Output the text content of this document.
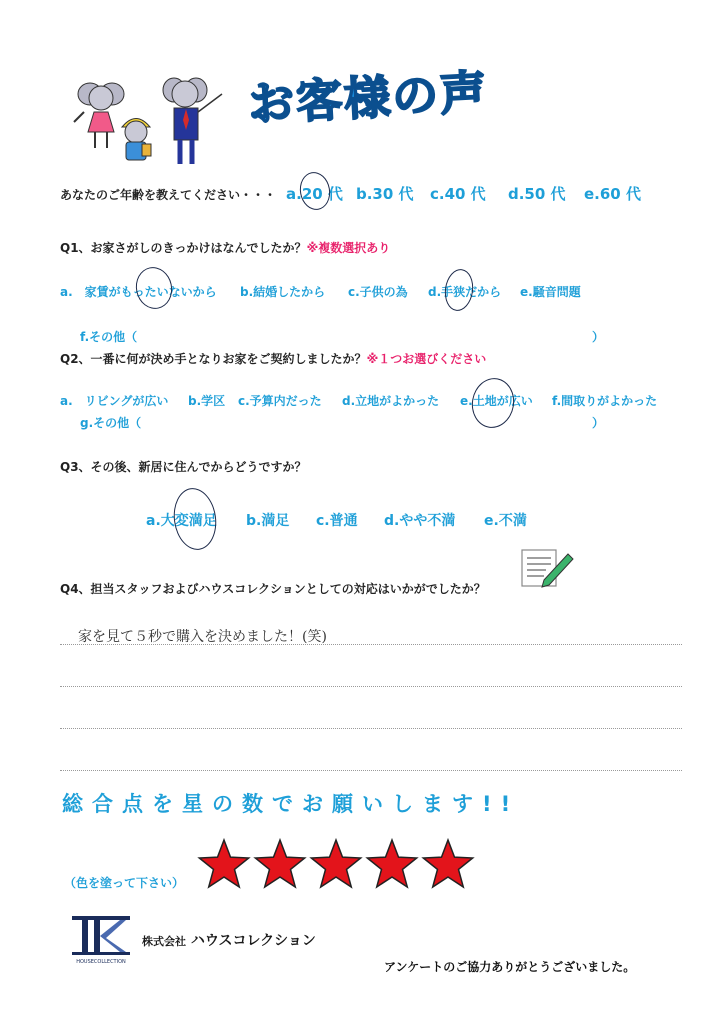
お客様の声
あなたのご年齢を教えてください・・・ a.20 代 b.30 代 c.40 代 d.50 代 e.60 代
Q1、お家さがしのきっかけはなんでしたか？※複数選択あり
a.　家賃がもったいないから b.結婚したから c.子供の為 d.手狭だから e.騒音問題
f.その他（	）
Q2、一番に何が決め手となりお家をご契約しましたか？※１つお選びください
a.　リビングが広い b.学区 c.予算内だった d.立地がよかった e.土地が広い f.間取りがよかった
g.その他（	）
Q3、その後、新居に住んでからどうですか？
a.大変満足 b.満足 c.普通 d.やや不満 e.不満
Q4、担当スタッフおよびハウスコレクションとしての対応はいかがでしたか？
家を見て５秒で購入を決めました！(笑)
総合点を星の数でお願いします!!
（色を塗って下さい）
HOUSECOLLECTION
株式会社 ハウスコレクション
アンケートのご協力ありがとうございました。
